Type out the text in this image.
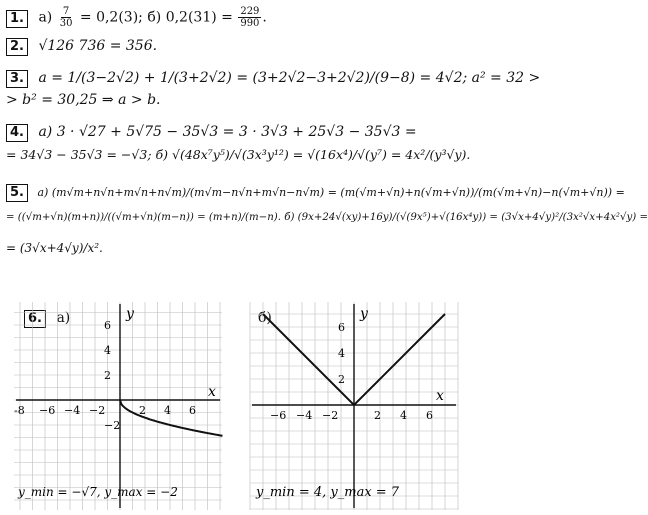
1. $а) \frac{7}{30} = 0,2(3)$; б) $0,2(31) = \frac{229}{990}$ .
2. √126 736 = 356.
3. a = 1/(3−2√2) + 1/(3+2√2) = (3+2√2−3+2√2)/(9−8) = 4√2; a² = 32 >
> b² = 30,25 ⇒ a > b.
4. а) 3 · √27 + 5√75 − 35√3 = 3 · 3√3 + 25√3 − 35√3 =
= 34√3 − 35√3 = −√3; б) √(48x⁷y⁵)/√(3x³y¹²) = √(16x⁴)/√(y⁷) = 4x²/(y³√y).
5. а) (m√m+n√n+m√n+n√m)/(m√m−n√n+m√n−n√m) = (m(√m+√n)+n(√m+√n))/(m(√m+√n)−n(√m+√n)) =
= ((√m+√n)(m+n))/((√m+√n)(m−n)) = (m+n)/(m−n). б) (9x+24√(xy)+16y)/(√(9x⁵)+√(16x⁴y)) = (3√x+4√y)²/(3x²√x+4x²√y) =
= (3√x+4√y)/x².
6. а)	б)
x
y
-8 −6 −4 −2	2 4 6
6
4
2
−2
y_min = −√7, y_max = −2
x
y
−6 −4 −2	2 4 6
6
4
2
y_min = 4, y_max = 7
